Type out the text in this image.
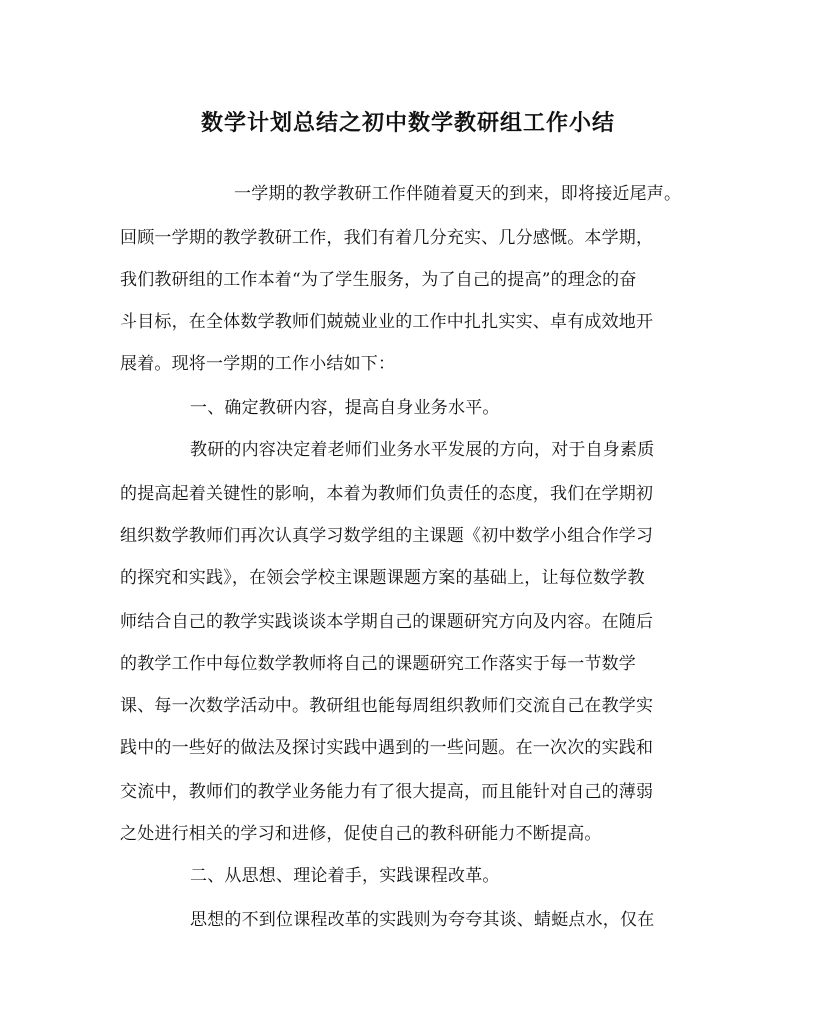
数学计划总结之初中数学教研组工作小结
一学期的教学教研工作伴随着夏天的到来，即将接近尾声。
回顾一学期的教学教研工作，我们有着几分充实、几分感慨。本学期，
我们教研组的工作本着“为了学生服务，为了自己的提高”的理念的奋
斗目标，在全体数学教师们兢兢业业的工作中扎扎实实、卓有成效地开
展着。现将一学期的工作小结如下：
一、确定教研内容，提高自身业务水平。
教研的内容决定着老师们业务水平发展的方向，对于自身素质
的提高起着关键性的影响，本着为教师们负责任的态度，我们在学期初
组织数学教师们再次认真学习数学组的主课题《初中数学小组合作学习
的探究和实践》，在领会学校主课题课题方案的基础上，让每位数学教
师结合自己的教学实践谈谈本学期自己的课题研究方向及内容。在随后
的教学工作中每位数学教师将自己的课题研究工作落实于每一节数学
课、每一次数学活动中。教研组也能每周组织教师们交流自己在教学实
践中的一些好的做法及探讨实践中遇到的一些问题。在一次次的实践和
交流中，教师们的教学业务能力有了很大提高，而且能针对自己的薄弱
之处进行相关的学习和进修，促使自己的教科研能力不断提高。
二、从思想、理论着手，实践课程改革。
思想的不到位课程改革的实践则为夸夸其谈、蜻蜓点水，仅在
